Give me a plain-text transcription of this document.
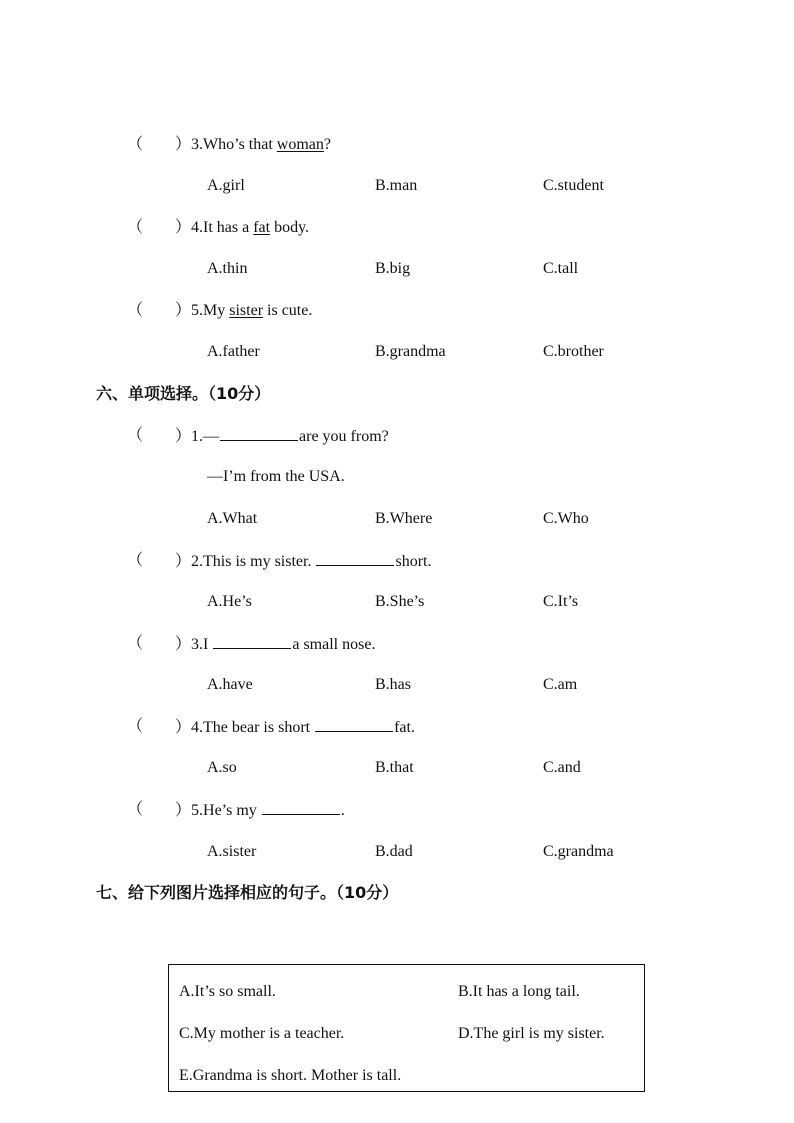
（ ）3.Who’s that woman?
A.girl	B.man	C.student
（ ）4.It has a fat body.
A.thin	B.big	C.tall
（ ）5.My sister is cute.
A.father	B.grandma	C.brother
六、单项选择。（10分）
（ ）1.—	are you from?
—I’m from the USA.
A.What	B.Where	C.Who
（ ）2.This is my sister.	short.
A.He’s	B.She’s	C.It’s
（ ）3.I	a small nose.
A.have	B.has	C.am
（ ）4.The bear is short	fat.
A.so	B.that	C.and
（ ）5.He’s my	.
A.sister	B.dad	C.grandma
七、给下列图片选择相应的句子。（10分）
A.It’s so small.	B.It has a long tail.
C.My mother is a teacher.	D.The girl is my sister.
E.Grandma is short. Mother is tall.
